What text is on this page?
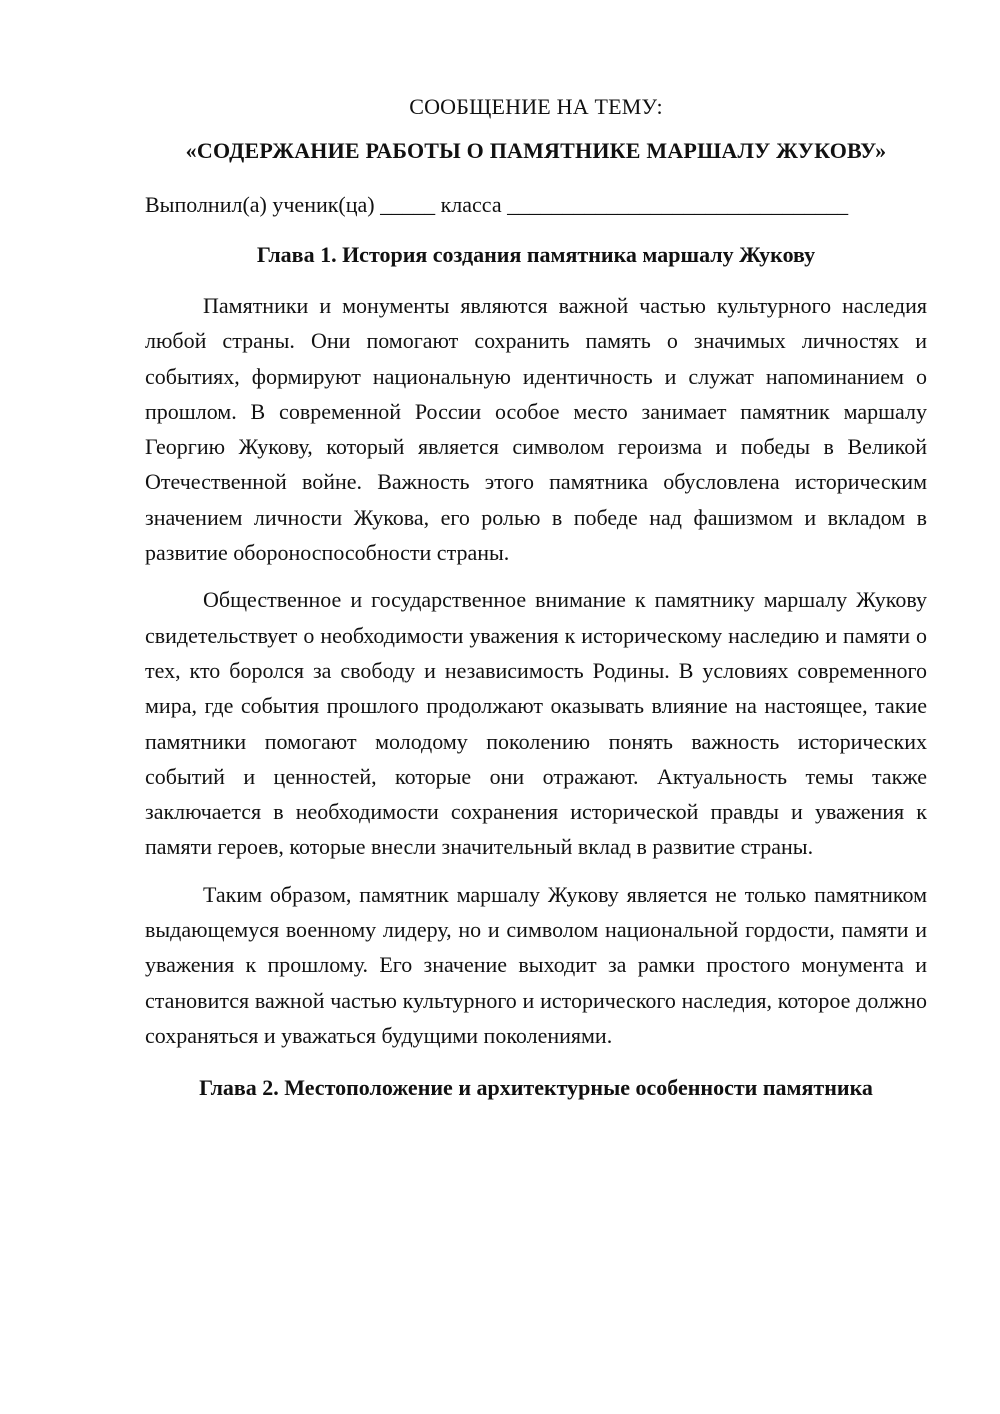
СООБЩЕНИЕ НА ТЕМУ:

«СОДЕРЖАНИЕ РАБОТЫ О ПАМЯТНИКЕ МАРШАЛУ ЖУКОВУ»

Выполнил(а) ученик(ца) _____ класса _______________________________

Глава 1. История создания памятника маршалу Жукову

Памятники и монументы являются важной частью культурного наследия любой страны. Они помогают сохранить память о значимых личностях и событиях, формируют национальную идентичность и служат напоминанием о прошлом. В современной России особое место занимает памятник маршалу Георгию Жукову, который является символом героизма и победы в Великой Отечественной войне. Важность этого памятника обусловлена историческим значением личности Жукова, его ролью в победе над фашизмом и вкладом в развитие обороноспособности страны.

Общественное и государственное внимание к памятнику маршалу Жукову свидетельствует о необходимости уважения к историческому наследию и памяти о тех, кто боролся за свободу и независимость Родины. В условиях современного мира, где события прошлого продолжают оказывать влияние на настоящее, такие памятники помогают молодому поколению понять важность исторических событий и ценностей, которые они отражают. Актуальность темы также заключается в необходимости сохранения исторической правды и уважения к памяти героев, которые внесли значительный вклад в развитие страны.

Таким образом, памятник маршалу Жукову является не только памятником выдающемуся военному лидеру, но и символом национальной гордости, памяти и уважения к прошлому. Его значение выходит за рамки простого монумента и становится важной частью культурного и исторического наследия, которое должно сохраняться и уважаться будущими поколениями.

Глава 2. Местоположение и архитектурные особенности памятника
